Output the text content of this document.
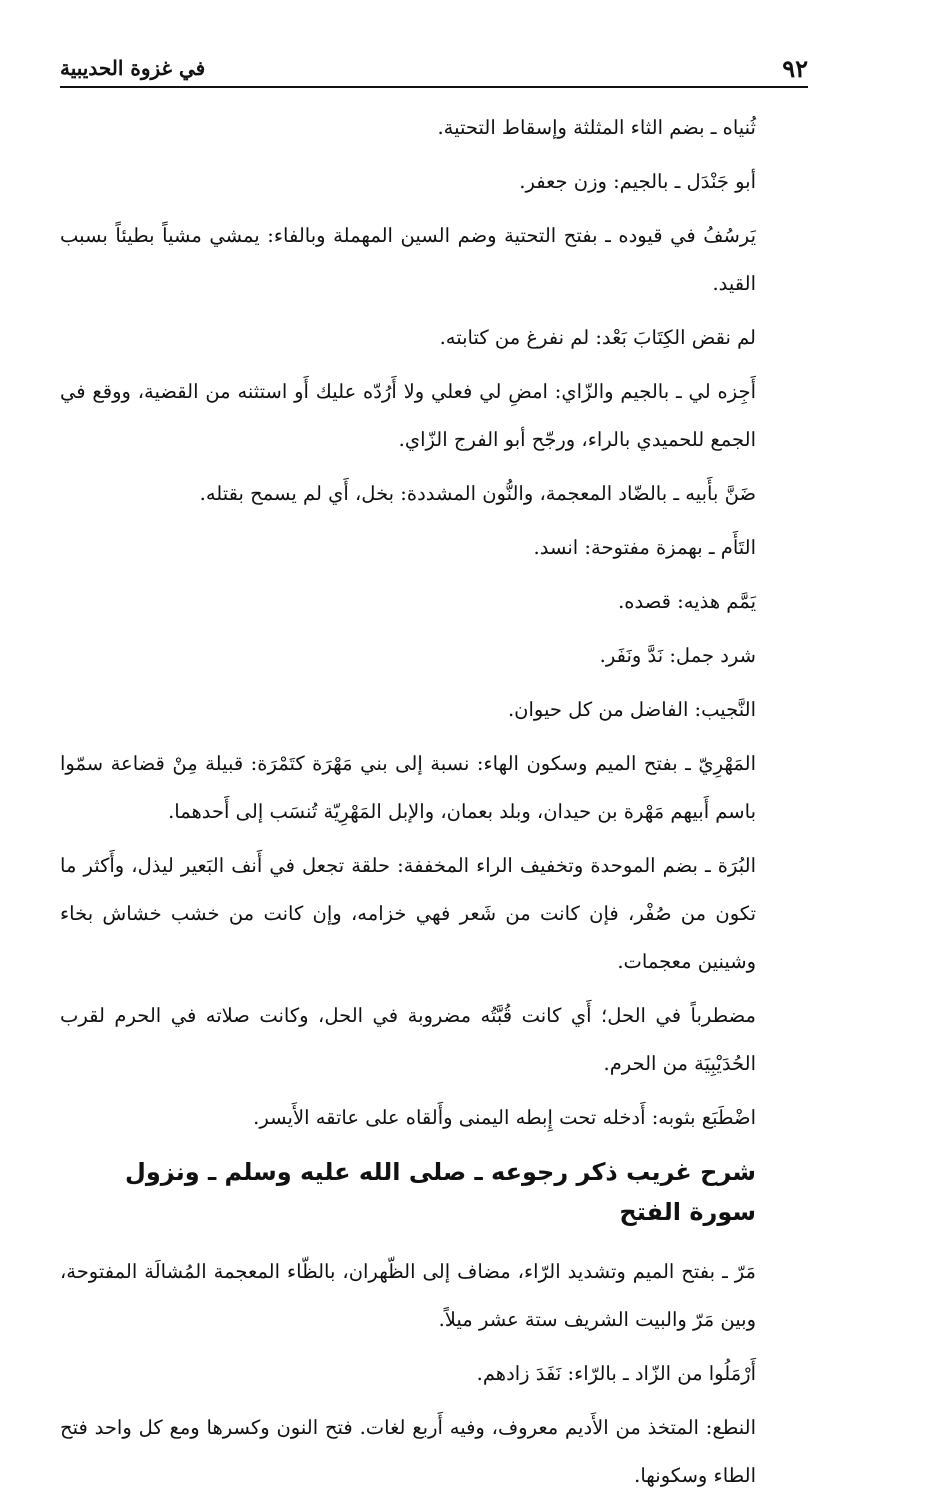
٩٢
في غزوة الحديبية

ثُنياه ـ بضم الثاء المثلثة وإسقاط التحتية.

أبو جَنْدَل ـ بالجيم: وزن جعفر.

يَرسُفُ في قيوده ـ بفتح التحتية وضم السين المهملة وبالفاء: يمشي مشياً بطيئاً بسبب القيد.

لم نقض الكِتَابَ بَعْد: لم نفرغ من كتابته.

أَجِزه لي ـ بالجيم والزّاي: امضِ لي فعلي ولا أَرُدّه عليك أَو استثنه من القضية، ووقع في الجمع للحميدي بالراء، ورجّح أبو الفرج الزّاي.

ضَنَّ بأَبيه ـ بالضّاد المعجمة، والنُّون المشددة: بخل، أَي لم يسمح بقتله.

التَأَم ـ بهمزة مفتوحة: انسد.

يَمَّم هذيه: قصده.

شرد جمل: نَدَّ ونَفَر.

النَّجيب: الفاضل من كل حيوان.

المَهْرِيّ ـ بفتح الميم وسكون الهاء: نسبة إلى بني مَهْرَة كتَمْرَة: قبيلة مِنْ قضاعة سمّوا باسم أَبيهم مَهْرة بن حيدان، وبلد بعمان، والإبل المَهْرِيّة تُنسَب إلى أَحدهما.

البُرَة ـ بضم الموحدة وتخفيف الراء المخففة: حلقة تجعل في أَنف البَعير ليذل، وأَكثر ما تكون من صُفْر، فإن كانت من شَعر فهي خزامه، وإن كانت من خشب خشاش بخاء وشينين معجمات.

مضطرباً في الحل؛ أَي كانت قُبَّتُه مضروبة في الحل، وكانت صلاته في الحرم لقرب الحُدَيْبِيَة من الحرم.

اضْطَبَع بثوبه: أَدخله تحت إِبطه اليمنى وأَلقاه على عاتقه الأَيسر.

شرح غريب ذكر رجوعه ـ صلى الله عليه وسلم ـ ونزول سورة الفتح

مَرّ ـ بفتح الميم وتشديد الرّاء، مضاف إلى الظّهران، بالظّاء المعجمة المُشالَة المفتوحة، وبين مَرّ والبيت الشريف ستة عشر ميلاً.

أَرْمَلُوا من الزّاد ـ بالرّاء: نَفَدَ زادهم.

النطع: المتخذ من الأَديم معروف، وفيه أَربع لغات. فتح النون وكسرها ومع كل واحد فتح الطاء وسكونها.
